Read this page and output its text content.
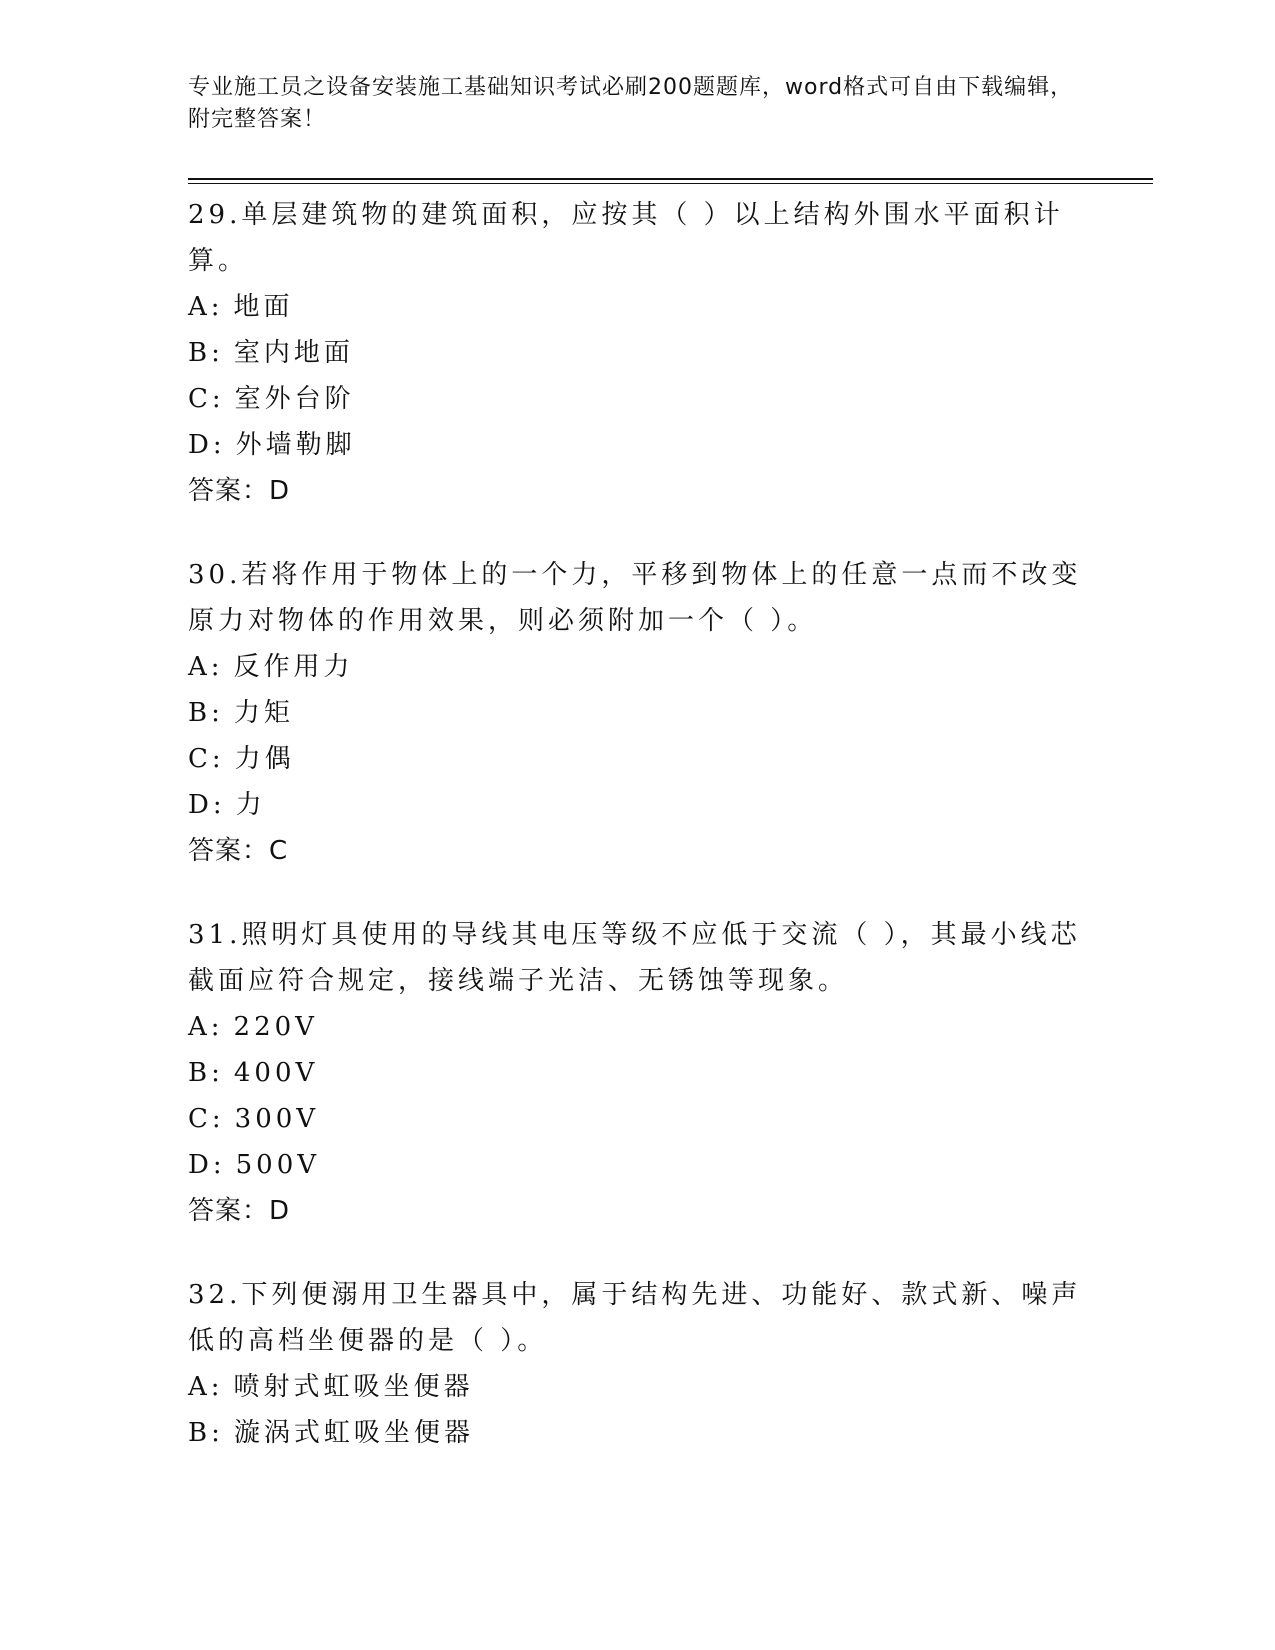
专业施工员之设备安装施工基础知识考试必刷200题题库，word格式可自由下载编辑，附完整答案！

29.单层建筑物的建筑面积，应按其（ ）以上结构外围水平面积计算。

A: 地面

B: 室内地面

C: 室外台阶

D: 外墙勒脚

答案：D

30.若将作用于物体上的一个力，平移到物体上的任意一点而不改变原力对物体的作用效果，则必须附加一个（ ）。

A: 反作用力

B: 力矩

C: 力偶

D: 力

答案：C

31.照明灯具使用的导线其电压等级不应低于交流（ ），其最小线芯截面应符合规定，接线端子光洁、无锈蚀等现象。

A: 220V

B: 400V

C: 300V

D: 500V

答案：D

32.下列便溺用卫生器具中，属于结构先进、功能好、款式新、噪声低的高档坐便器的是（ ）。

A: 喷射式虹吸坐便器

B: 漩涡式虹吸坐便器
